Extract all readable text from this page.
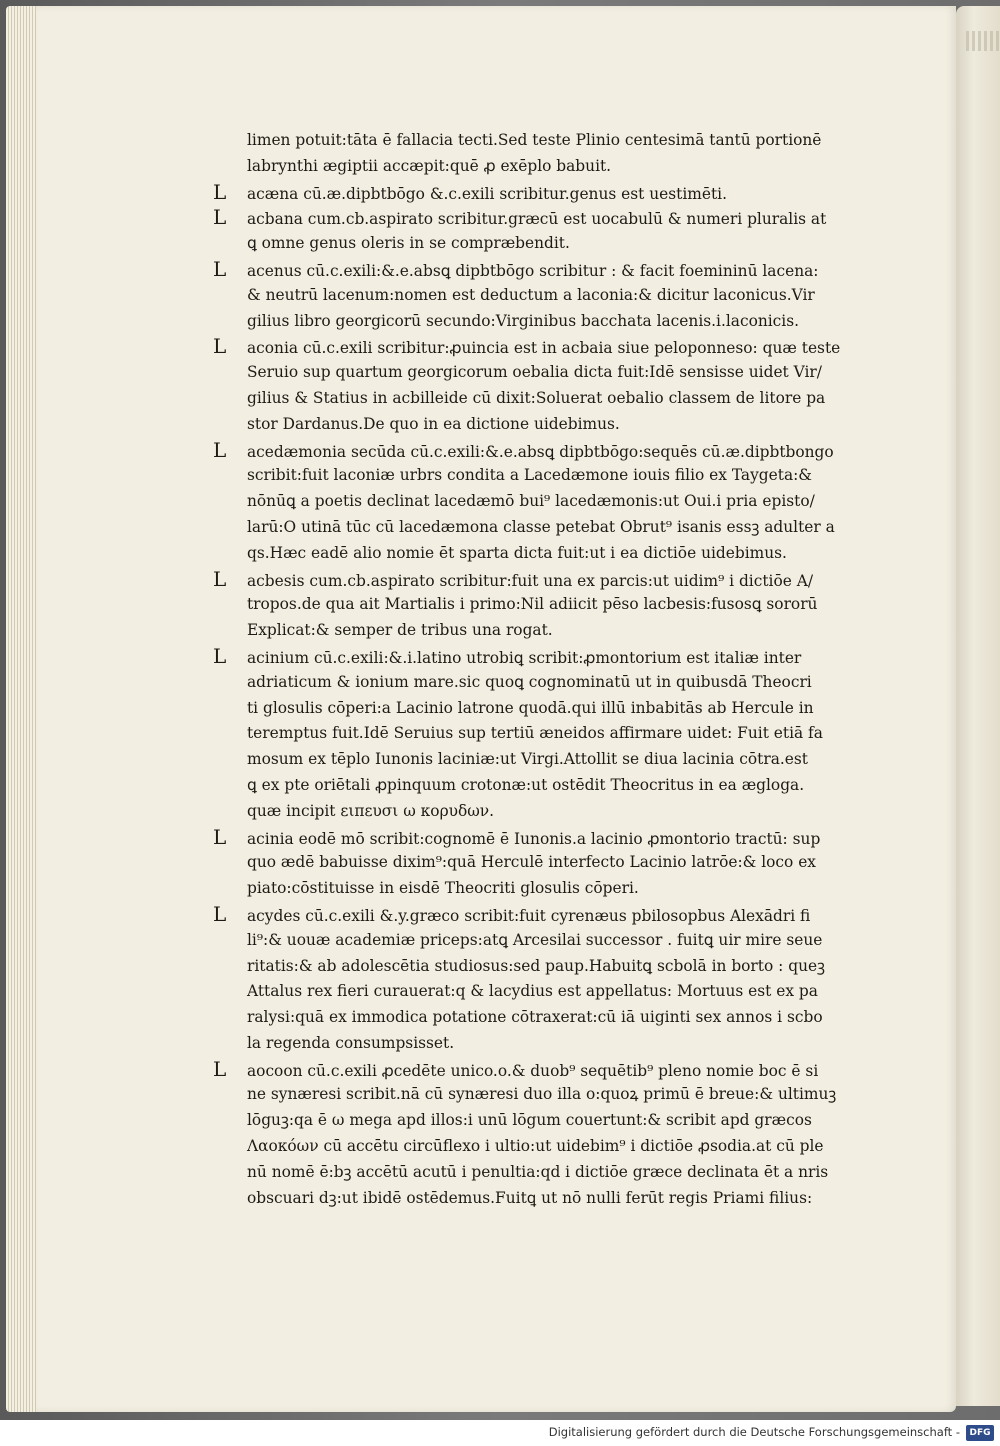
limen potuit:tāta ē fallacia tecti.Sed teste Plinio centesimā tantū portionē
labrynthi ægiptii accæpit:quē ꝓ exēplo babuit.
L acæna cū.æ.dipbtbōgo &.c.exili scribitur.genus est uestimēti.
L acbana cum.cb.aspirato scribitur.græcū est uocabulū & numeri pluralis at
ꝗ omne genus oleris in se compræbendit.
L acenus cū.c.exili:&.e.absꝗ dipbtbōgo scribitur : & facit foemininū lacena:
& neutrū lacenum:nomen est deductum a laconia:& dicitur laconicus.Vir
gilius libro georgicorū secundo:Virginibus bacchata lacenis.i.laconicis.
L aconia cū.c.exili scribitur:ꝓuincia est in acbaia siue peloponneso: quæ teste
Seruio sup quartum georgicorum oebalia dicta fuit:Idē sensisse uidet Vir/
gilius & Statius in acbilleide cū dixit:Soluerat oebalio classem de litore pa
stor Dardanus.De quo in ea dictione uidebimus.
L acedæmonia secūda cū.c.exili:&.e.absꝗ dipbtbōgo:sequēs cū.æ.dipbtbongo
scribit:fuit laconiæ urbrs condita a Lacedæmone iouis filio ex Taygeta:&
nōnūꝗ a poetis declinat lacedæmō bui⁹ lacedæmonis:ut Oui.i pria episto/
larū:O utinā tūc cū lacedæmona classe petebat Obrut⁹ isanis essꝫ adulter a
qs.Hæc eadē alio nomie ēt sparta dicta fuit:ut i ea dictiōe uidebimus.
L acbesis cum.cb.aspirato scribitur:fuit una ex parcis:ut uidim⁹ i dictiōe A/
tropos.de qua ait Martialis i primo:Nil adiicit pēso lacbesis:fusosꝗ sororū
Explicat:& semper de tribus una rogat.
L acinium cū.c.exili:&.i.latino utrobiꝗ scribit:ꝓmontorium est italiæ inter
adriaticum & ionium mare.sic quoꝗ cognominatū ut in quibusdā Theocri
ti glosulis cōperi:a Lacinio latrone quodā.qui illū inbabitās ab Hercule in
teremptus fuit.Idē Seruius sup tertiū æneidos affirmare uidet: Fuit etiā fa
mosum ex tēplo Iunonis laciniæ:ut Virgi.Attollit se diua lacinia cōtra.est
ꝗ ex pte oriētali ꝓpinquum crotonæ:ut ostēdit Theocritus in ea ægloga.
quæ incipit ειπευσι ω κορυδων.
L acinia eodē mō scribit:cognomē ē Iunonis.a lacinio ꝓmontorio tractū: sup
quo ædē babuisse dixim⁹:quā Herculē interfecto Lacinio latrōe:& loco ex
piato:cōstituisse in eisdē Theocriti glosulis cōperi.
L acydes cū.c.exili &.y.græco scribit:fuit cyrenæus pbilosopbus Alexādri fi
li⁹:& uouæ academiæ priceps:atꝗ Arcesilai successor . fuitꝗ uir mire seue
ritatis:& ab adolescētia studiosus:sed paup.Habuitꝗ scbolā in borto : queꝫ
Attalus rex fieri curauerat:q & lacydius est appellatus: Mortuus est ex pa
ralysi:quā ex immodica potatione cōtraxerat:cū iā uiginti sex annos i scbo
la regenda consumpsisset.
L aocoon cū.c.exili ꝓcedēte unico.o.& duob⁹ sequētib⁹ pleno nomie boc ē si
ne synæresi scribit.nā cū synæresi duo illa o:quoꝝ primū ē breue:& ultimuꝫ
lōguꝫ:qa ē ω mega apd illos:i unū lōgum couertunt:& scribit apd græcos
Λαοκόων cū accētu circūflexo i ultio:ut uidebim⁹ i dictiōe ꝓsodia.at cū ple
nū nomē ē:bꝫ accētū acutū i penultia:qd i dictiōe græce declinata ēt a nris
obscuari dꝫ:ut ibidē ostēdemus.Fuitꝗ ut nō nulli ferūt regis Priami filius:
Digitalisierung gefördert durch die Deutsche Forschungsgemeinschaft -	DFG
